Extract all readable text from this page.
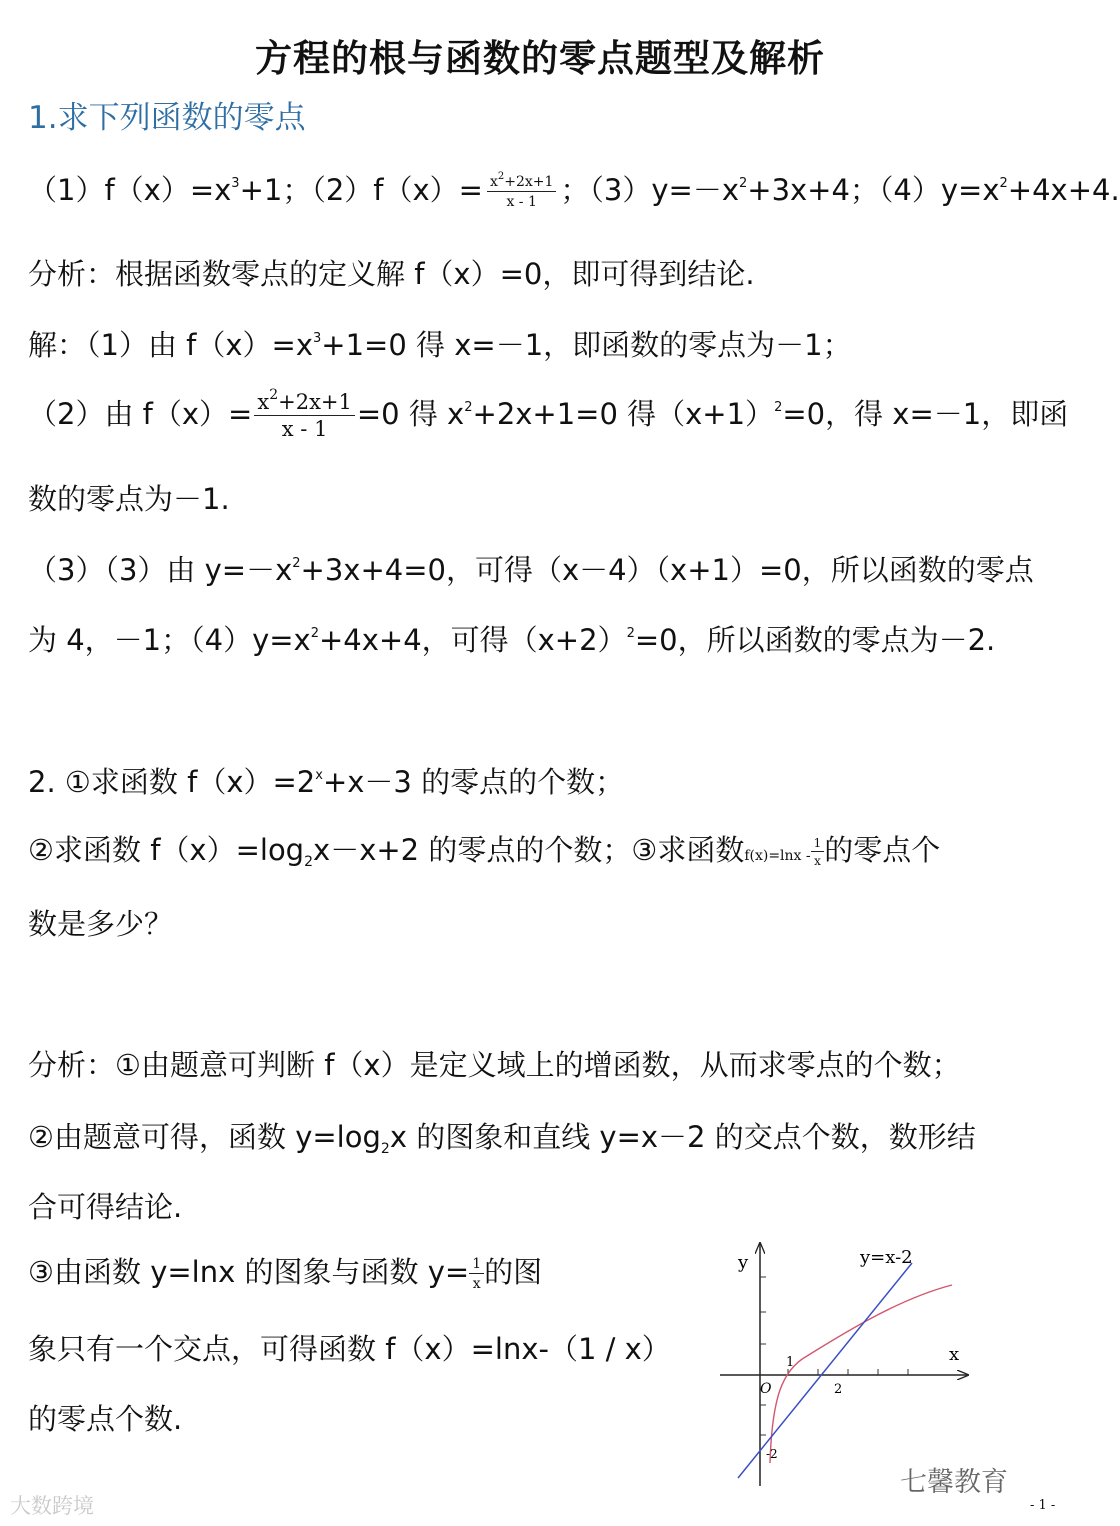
方程的根与函数的零点题型及解析
1.求下列函数的零点
$(1)f(x)=x^3+1$；$(2)f(x)= \frac{x^2+2x+1}{x - 1}$ ；$(3)y=-x^2+3x+4$；$(4)y=x^2+4x+4$.
分析：根据函数零点的定义解 f（x）=0，即可得到结论.
解：（1）由 $f(x)=x^3+1=0$ 得 x=－1，即函数的零点为－1；
（2）由 $f(x)= \frac{x^2+2x+1}{x - 1} =0$ 得 $x^2+2x+1=0$ 得$(x+1)^2=0$，得 x=－1，即函
数的零点为－1.
（3）（3）由 $y=-x^2+3x+4=0$，可得（x－4）（x+1）=0，所以函数的零点
为 4，－1；$(4)y=x^2+4x+4$，可得$(x+2)^2=0$，所以函数的零点为－2.
2. ①求函数 $f(x)=2^x+x-3$ 的零点的个数；
②求函数 $f(x)=\log_2x-x+2$ 的零点的个数；③求函数$f(x)=\ln x - \frac{1}{x}$ 的零点个
数是多少？
分析：①由题意可判断 f（x）是定义域上的增函数，从而求零点的个数；
②由题意可得，函数 $y=\log_2x$ 的图象和直线 y=x－2 的交点个数，数形结
合可得结论.
③由函数 y=lnx 的图象与函数 $y= \frac{1}{x}$ 的图
象只有一个交点，可得函数 f（x）=lnx-（1 / x）
的零点个数.
y
x
O
y=x-2
1
2
-2
大数跨境
七馨教育
- 1 -
